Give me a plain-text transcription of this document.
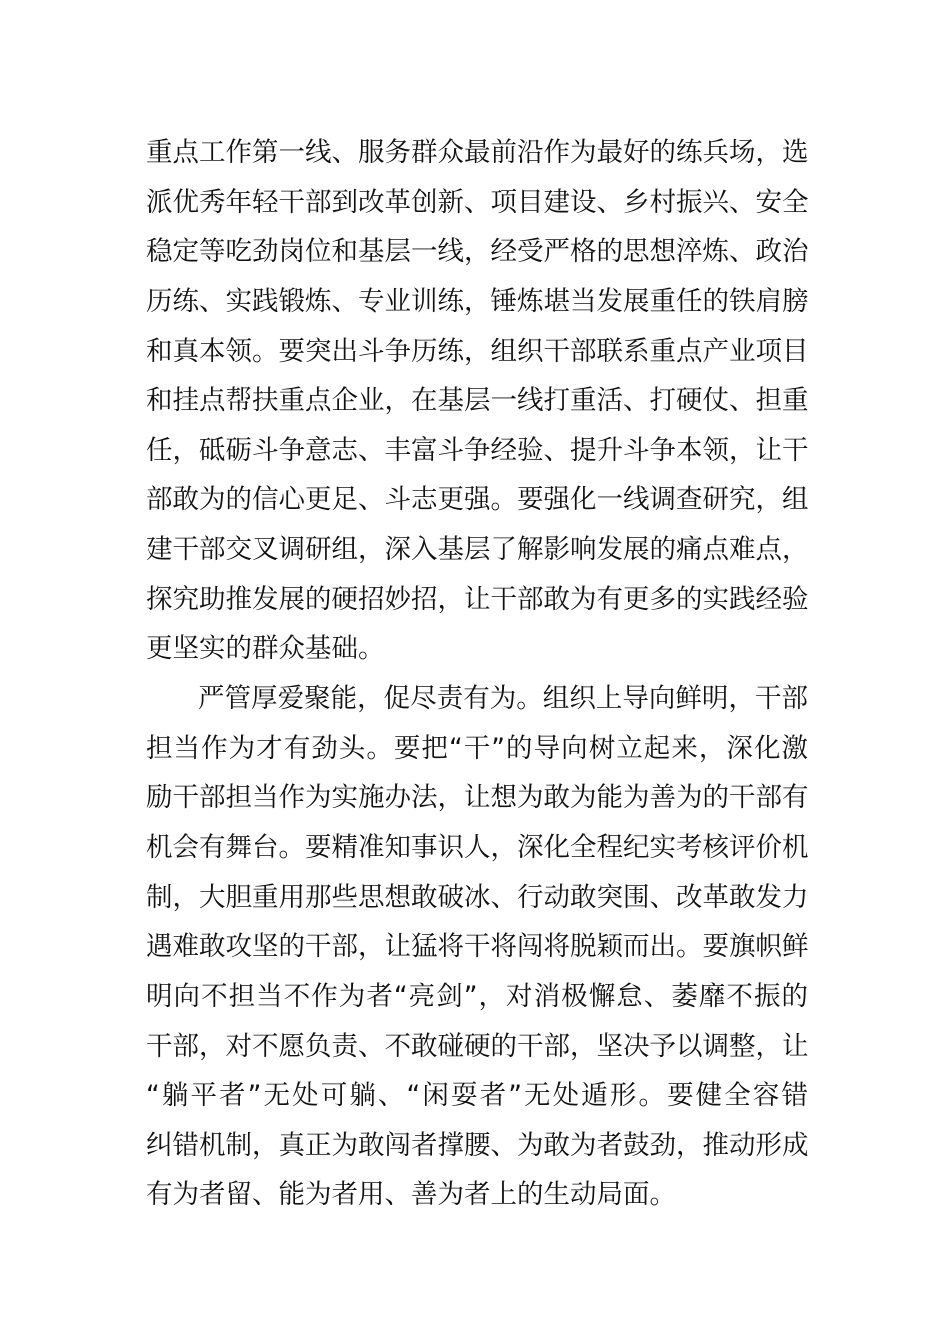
重点工作第一线、服务群众最前沿作为最好的练兵场，选
派优秀年轻干部到改革创新、项目建设、乡村振兴、安全
稳定等吃劲岗位和基层一线，经受严格的思想淬炼、政治
历练、实践锻炼、专业训练，锤炼堪当发展重任的铁肩膀
和真本领。要突出斗争历练，组织干部联系重点产业项目
和挂点帮扶重点企业，在基层一线打重活、打硬仗、担重
任，砥砺斗争意志、丰富斗争经验、提升斗争本领，让干
部敢为的信心更足、斗志更强。要强化一线调查研究，组
建干部交叉调研组，深入基层了解影响发展的痛点难点，
探究助推发展的硬招妙招，让干部敢为有更多的实践经验
更坚实的群众基础。
严管厚爱聚能，促尽责有为。组织上导向鲜明，干部
担当作为才有劲头。要把“干”的导向树立起来，深化激
励干部担当作为实施办法，让想为敢为能为善为的干部有
机会有舞台。要精准知事识人，深化全程纪实考核评价机
制，大胆重用那些思想敢破冰、行动敢突围、改革敢发力
遇难敢攻坚的干部，让猛将干将闯将脱颖而出。要旗帜鲜
明向不担当不作为者“亮剑”，对消极懈怠、萎靡不振的
干部，对不愿负责、不敢碰硬的干部，坚决予以调整，让
“躺平者”无处可躺、“闲耍者”无处遁形。要健全容错
纠错机制，真正为敢闯者撑腰、为敢为者鼓劲，推动形成
有为者留、能为者用、善为者上的生动局面。
